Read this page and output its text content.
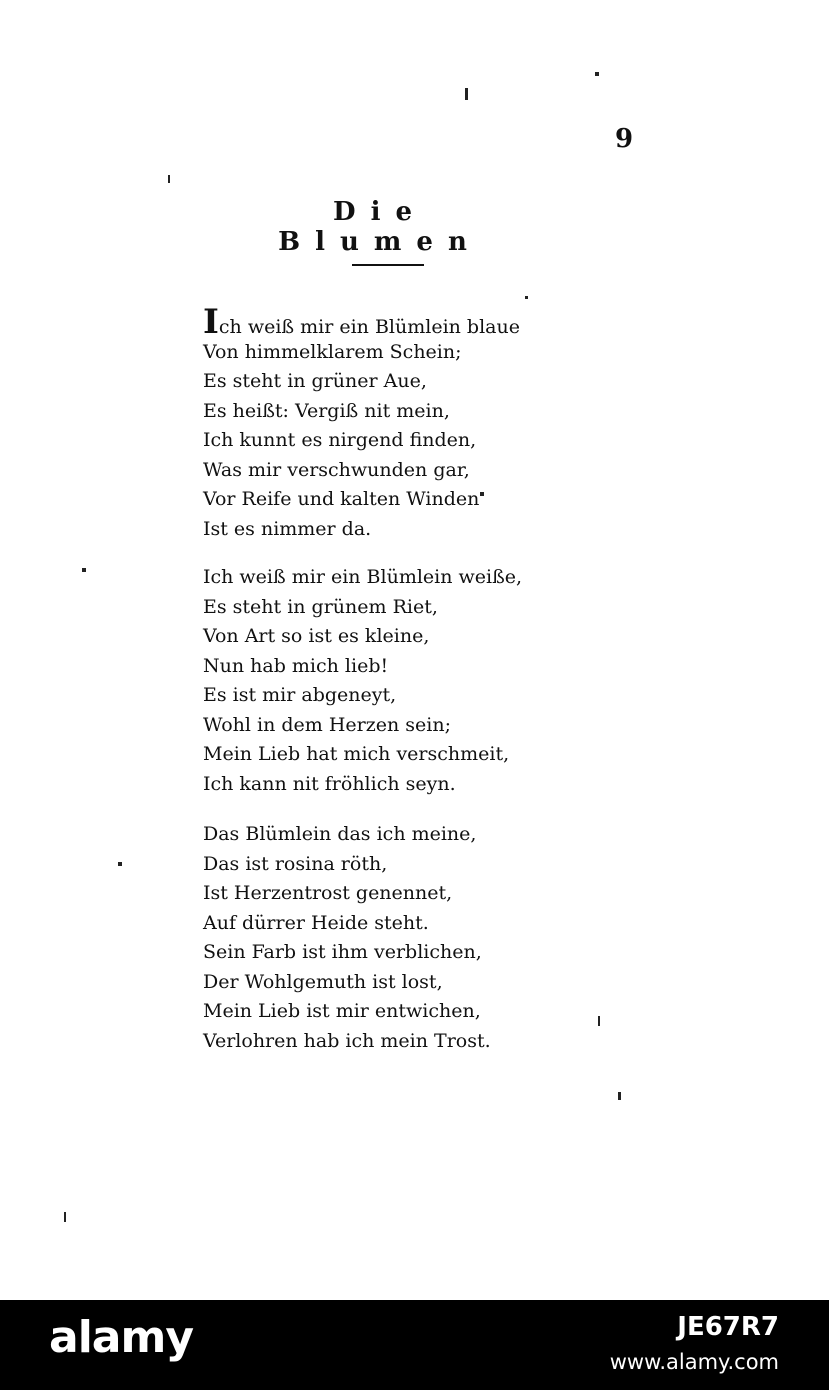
9
Die Blumen
Ich weiß mir ein Blümlein blaue
Von himmelklarem Schein;
Es steht in grüner Aue,
Es heißt: Vergiß nit mein,
Ich kunnt es nirgend finden,
Was mir verschwunden gar,
Vor Reife und kalten Winden
Ist es nimmer da.
Ich weiß mir ein Blümlein weiße,
Es steht in grünem Riet,
Von Art so ist es kleine,
Nun hab mich lieb!
Es ist mir abgeneyt,
Wohl in dem Herzen sein;
Mein Lieb hat mich verschmeit,
Ich kann nit fröhlich seyn.
Das Blümlein das ich meine,
Das ist rosina röth,
Ist Herzentrost genennet,
Auf dürrer Heide steht.
Sein Farb ist ihm verblichen,
Der Wohlgemuth ist lost,
Mein Lieb ist mir entwichen,
Verlohren hab ich mein Trost.
alamy	JE67R7
www.alamy.com
